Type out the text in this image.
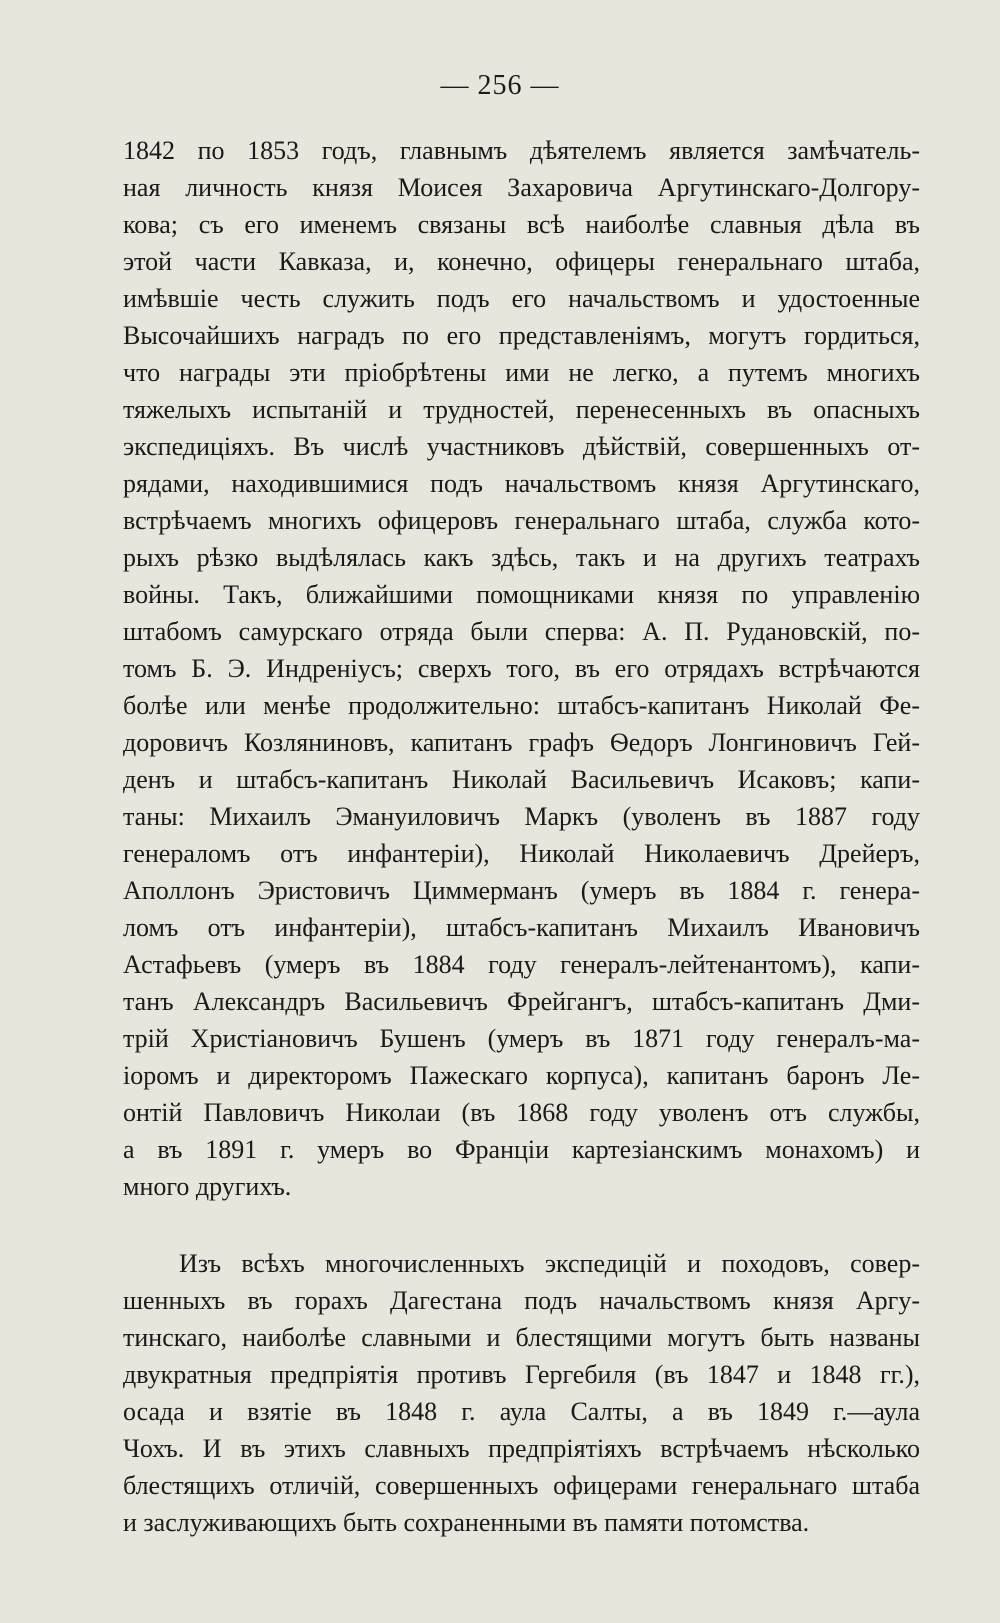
— 256 —
1842 по 1853 годъ, главнымъ дѣятелемъ является замѣчатель-
ная личность князя Моисея Захаровича Аргутинскаго-Долгору-
кова; съ его именемъ связаны всѣ наиболѣе славныя дѣла въ
этой части Кавказа, и, конечно, офицеры генеральнаго штаба,
имѣвшіе честь служить подъ его начальствомъ и удостоенные
Высочайшихъ наградъ по его представленіямъ, могутъ гордиться,
что награды эти пріобрѣтены ими не легко, а путемъ многихъ
тяжелыхъ испытаній и трудностей, перенесенныхъ въ опасныхъ
экспедиціяхъ. Въ числѣ участниковъ дѣйствій, совершенныхъ от-
рядами, находившимися подъ начальствомъ князя Аргутинскаго,
встрѣчаемъ многихъ офицеровъ генеральнаго штаба, служба кото-
рыхъ рѣзко выдѣлялась какъ здѣсь, такъ и на другихъ театрахъ
войны. Такъ, ближайшими помощниками князя по управленію
штабомъ самурскаго отряда были сперва: А. П. Рудановскій, по-
томъ Б. Э. Индреніусъ; сверхъ того, въ его отрядахъ встрѣчаются
болѣе или менѣе продолжительно: штабсъ-капитанъ Николай Фе-
доровичъ Козляниновъ, капитанъ графъ Ѳедоръ Лонгиновичъ Гей-
денъ и штабсъ-капитанъ Николай Васильевичъ Исаковъ; капи-
таны: Михаилъ Эмануиловичъ Маркъ (уволенъ въ 1887 году
генераломъ отъ инфантеріи), Николай Николаевичъ Дрейеръ,
Аполлонъ Эристовичъ Циммерманъ (умеръ въ 1884 г. генера-
ломъ отъ инфантеріи), штабсъ-капитанъ Михаилъ Ивановичъ
Астафьевъ (умеръ въ 1884 году генералъ-лейтенантомъ), капи-
танъ Александръ Васильевичъ Фрейгангъ, штабсъ-капитанъ Дми-
трій Христіановичъ Бушенъ (умеръ въ 1871 году генералъ-ма-
іоромъ и директоромъ Пажескаго корпуса), капитанъ баронъ Ле-
онтій Павловичъ Николаи (въ 1868 году уволенъ отъ службы,
а въ 1891 г. умеръ во Франціи картезіанскимъ монахомъ) и
много другихъ.
Изъ всѣхъ многочисленныхъ экспедицій и походовъ, совер-
шенныхъ въ горахъ Дагестана подъ начальствомъ князя Аргу-
тинскаго, наиболѣе славными и блестящими могутъ быть названы
двукратныя предпріятія противъ Гергебиля (въ 1847 и 1848 гг.),
осада и взятіе въ 1848 г. аула Салты, а въ 1849 г.—аула
Чохъ. И въ этихъ славныхъ предпріятіяхъ встрѣчаемъ нѣсколько
блестящихъ отличій, совершенныхъ офицерами генеральнаго штаба
и заслуживающихъ быть сохраненными въ памяти потомства.
